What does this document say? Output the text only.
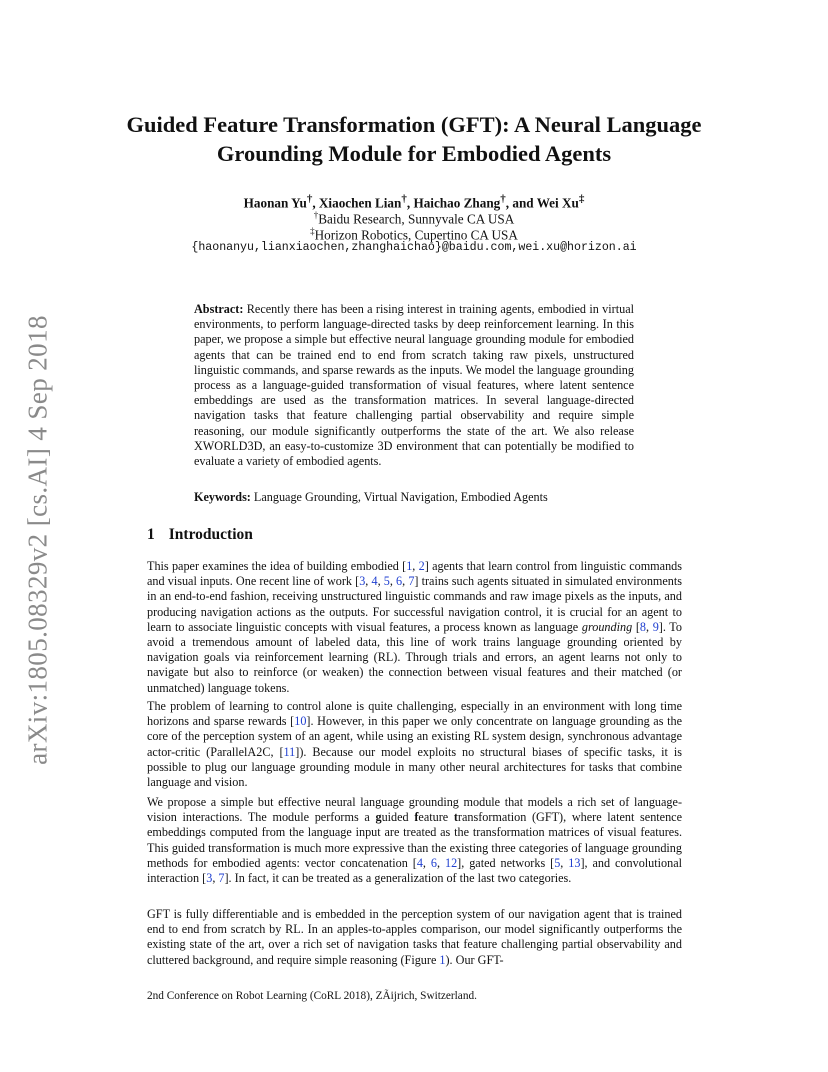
arXiv:1805.08329v2 [cs.AI] 4 Sep 2018
Guided Feature Transformation (GFT): A Neural Language Grounding Module for Embodied Agents
Haonan Yu†, Xiaochen Lian†, Haichao Zhang†, and Wei Xu‡
†Baidu Research, Sunnyvale CA USA
‡Horizon Robotics, Cupertino CA USA
{haonanyu,lianxiaochen,zhanghaichao}@baidu.com,wei.xu@horizon.ai
Abstract: Recently there has been a rising interest in training agents, embodied in virtual environments, to perform language-directed tasks by deep reinforcement learning. In this paper, we propose a simple but effective neural language grounding module for embodied agents that can be trained end to end from scratch taking raw pixels, unstructured linguistic commands, and sparse rewards as the inputs. We model the language grounding process as a language-guided transformation of visual features, where latent sentence embeddings are used as the transformation matrices. In several language-directed navigation tasks that feature challenging partial observability and require simple reasoning, our module significantly outperforms the state of the art. We also release XWORLD3D, an easy-to-customize 3D environment that can potentially be modified to evaluate a variety of embodied agents.
Keywords: Language Grounding, Virtual Navigation, Embodied Agents
1 Introduction
This paper examines the idea of building embodied [1, 2] agents that learn control from linguistic commands and visual inputs. One recent line of work [3, 4, 5, 6, 7] trains such agents situated in simulated environments in an end-to-end fashion, receiving unstructured linguistic commands and raw image pixels as the inputs, and producing navigation actions as the outputs. For successful navigation control, it is crucial for an agent to learn to associate linguistic concepts with visual features, a process known as language grounding [8, 9]. To avoid a tremendous amount of labeled data, this line of work trains language grounding oriented by navigation goals via reinforcement learning (RL). Through trials and errors, an agent learns not only to navigate but also to reinforce (or weaken) the connection between visual features and their matched (or unmatched) language tokens.
The problem of learning to control alone is quite challenging, especially in an environment with long time horizons and sparse rewards [10]. However, in this paper we only concentrate on language grounding as the core of the perception system of an agent, while using an existing RL system design, synchronous advantage actor-critic (ParallelA2C, [11]). Because our model exploits no structural biases of specific tasks, it is possible to plug our language grounding module in many other neural architectures for tasks that combine language and vision.
We propose a simple but effective neural language grounding module that models a rich set of language-vision interactions. The module performs a guided feature transformation (GFT), where latent sentence embeddings computed from the language input are treated as the transformation matrices of visual features. This guided transformation is much more expressive than the existing three categories of language grounding methods for embodied agents: vector concatenation [4, 6, 12], gated networks [5, 13], and convolutional interaction [3, 7]. In fact, it can be treated as a generalization of the last two categories.
GFT is fully differentiable and is embedded in the perception system of our navigation agent that is trained end to end from scratch by RL. In an apples-to-apples comparison, our model significantly outperforms the existing state of the art, over a rich set of navigation tasks that feature challenging partial observability and cluttered background, and require simple reasoning (Figure 1). Our GFT-
2nd Conference on Robot Learning (CoRL 2018), ZÃijrich, Switzerland.
